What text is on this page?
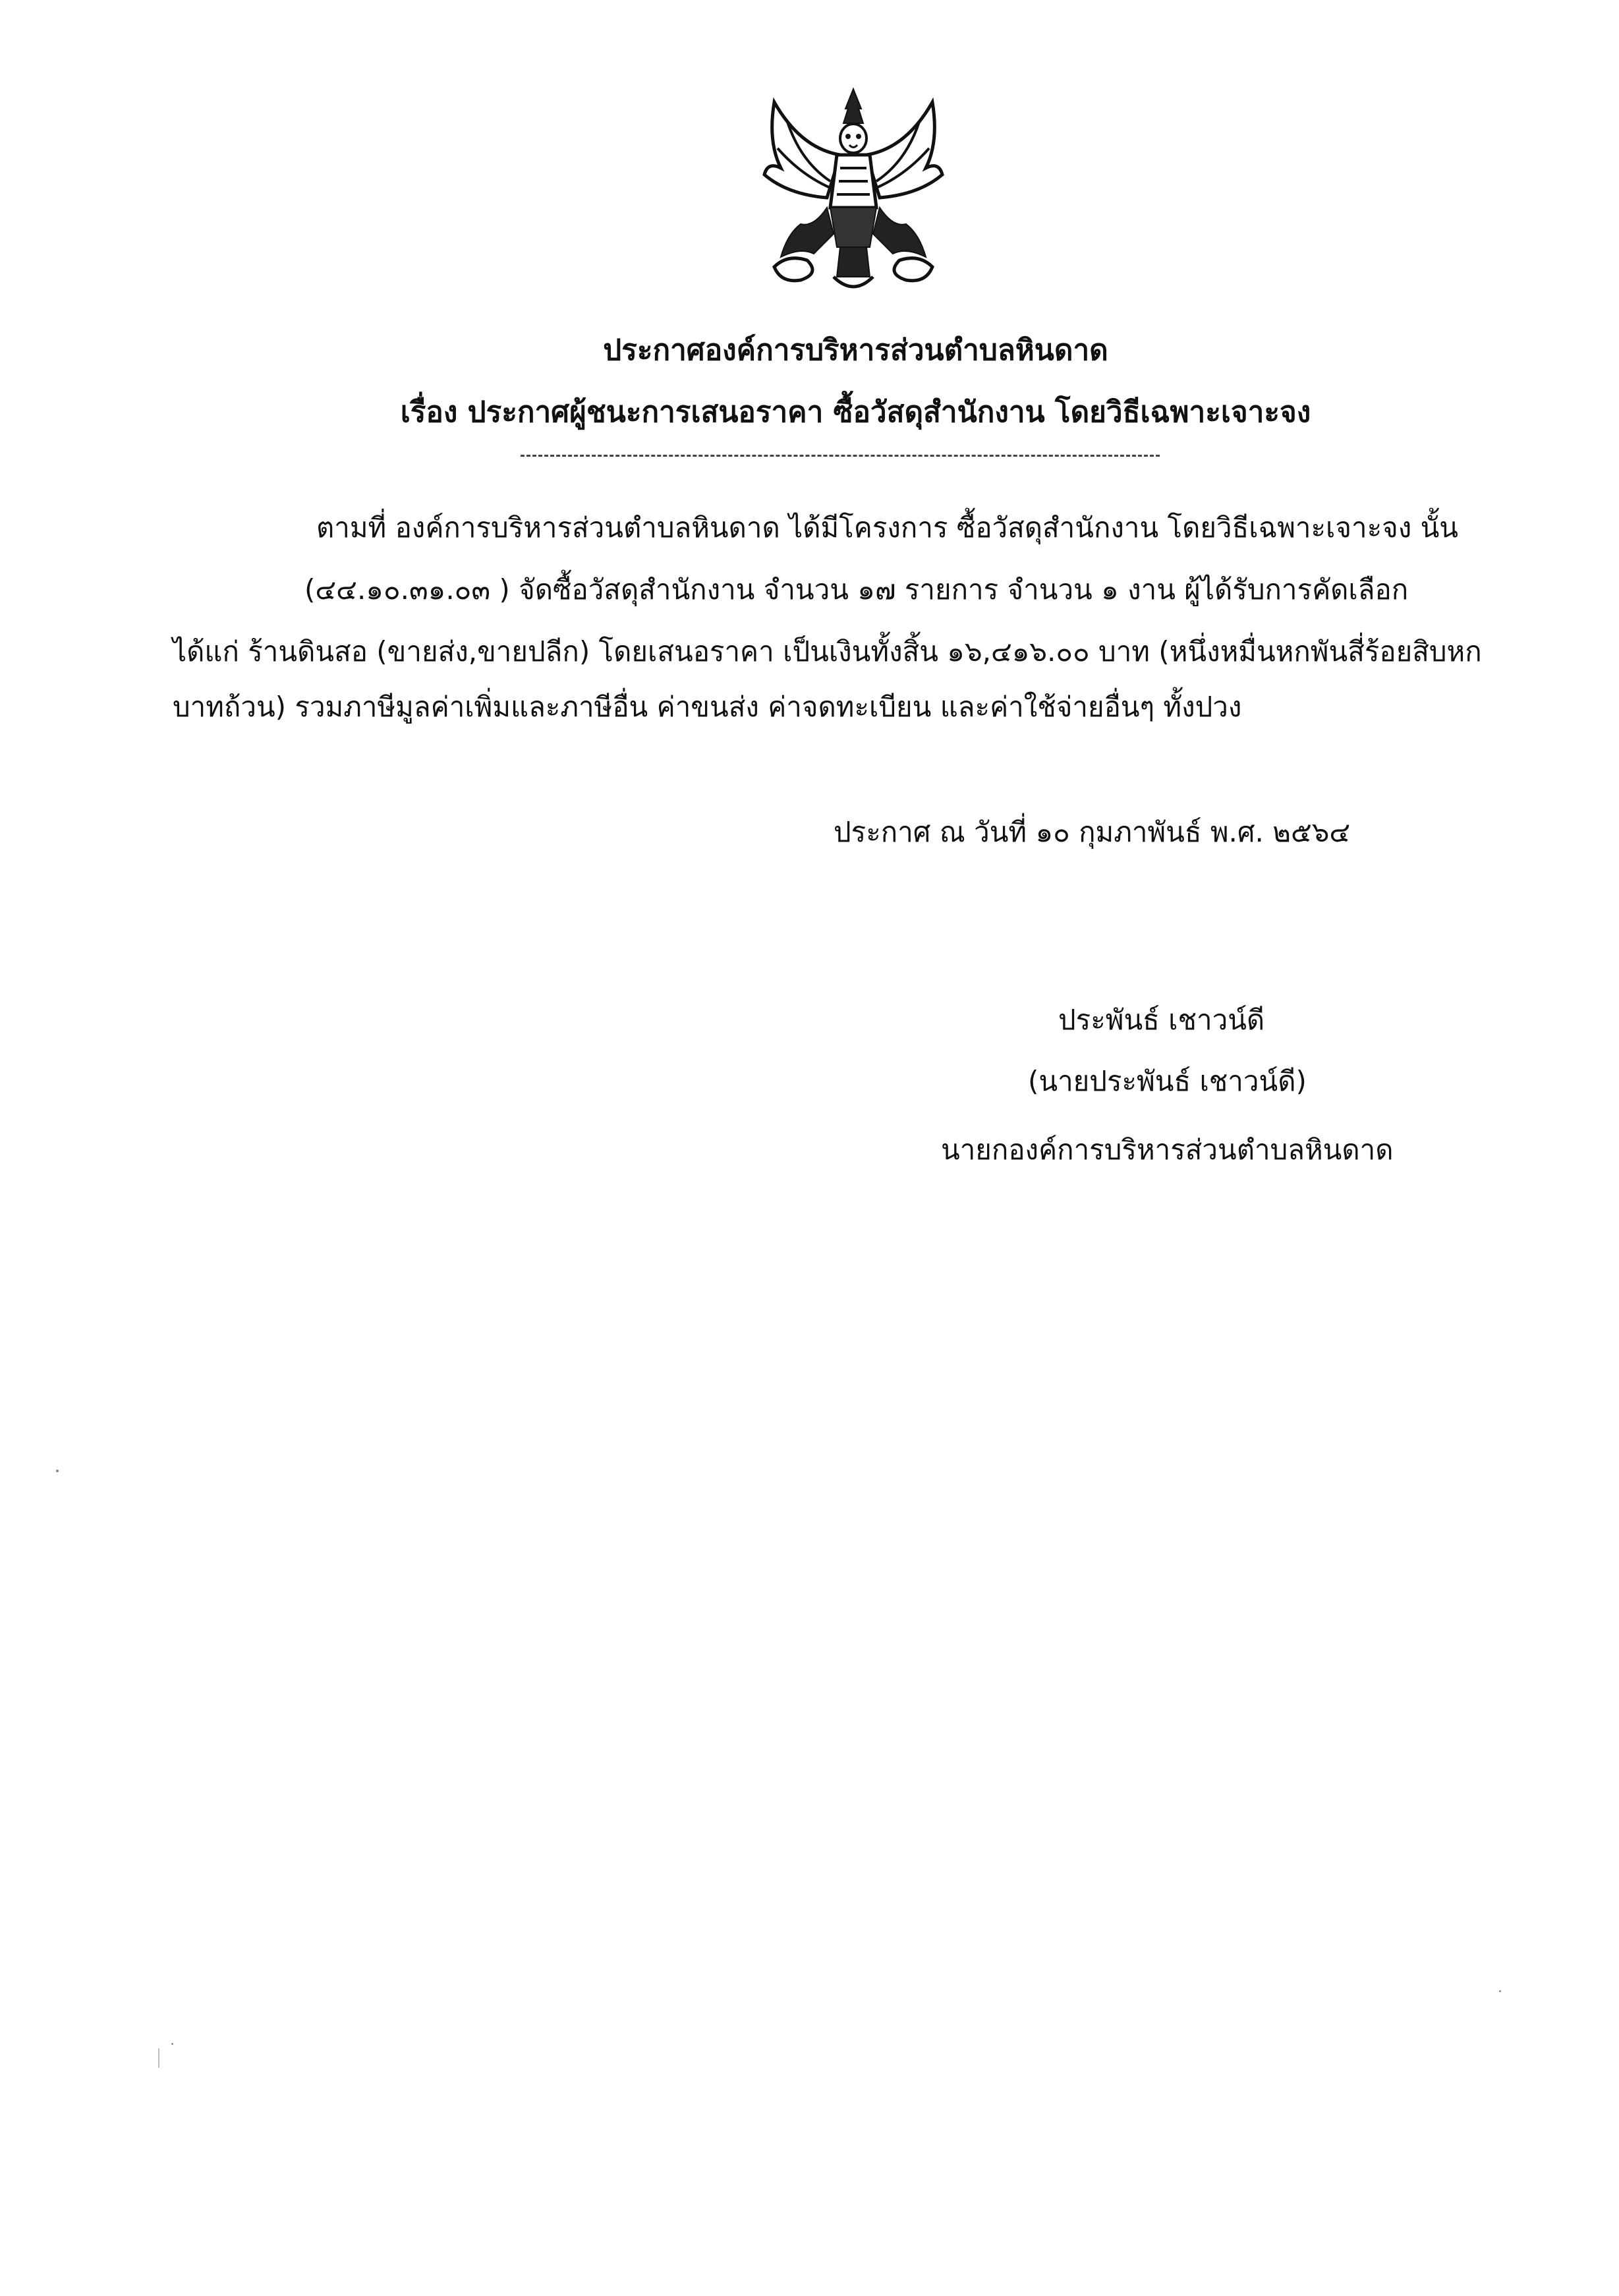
ประกาศองค์การบริหารส่วนตำบลหินดาด
เรื่อง ประกาศผู้ชนะการเสนอราคา ซื้อวัสดุสำนักงาน โดยวิธีเฉพาะเจาะจง
ตามที่ องค์การบริหารส่วนตำบลหินดาด ได้มีโครงการ ซื้อวัสดุสำนักงาน โดยวิธีเฉพาะเจาะจง นั้น
(๔๔.๑๐.๓๑.๐๓ ) จัดซื้อวัสดุสำนักงาน จำนวน ๑๗ รายการ จำนวน ๑ งาน ผู้ได้รับการคัดเลือก
ได้แก่ ร้านดินสอ (ขายส่ง,ขายปลีก) โดยเสนอราคา เป็นเงินทั้งสิ้น ๑๖,๔๑๖.๐๐ บาท (หนึ่งหมื่นหกพันสี่ร้อยสิบหก
บาทถ้วน) รวมภาษีมูลค่าเพิ่มและภาษีอื่น ค่าขนส่ง ค่าจดทะเบียน และค่าใช้จ่ายอื่นๆ ทั้งปวง
ประกาศ ณ วันที่ ๑๐ กุมภาพันธ์ พ.ศ. ๒๕๖๔
ประพันธ์ เชาวน์ดี
(นายประพันธ์ เชาวน์ดี)
นายกองค์การบริหารส่วนตำบลหินดาด
